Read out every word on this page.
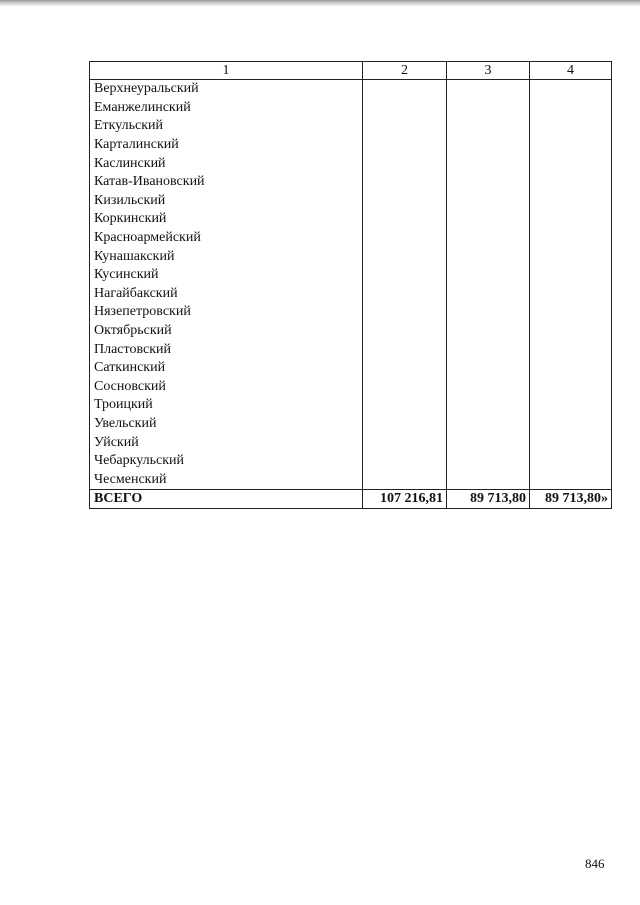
1	2	3	4
Верхнеуральский			
Еманжелинский			
Еткульский			
Карталинский			
Каслинский			
Катав-Ивановский			
Кизильский			
Коркинский			
Красноармейский			
Кунашакский			
Кусинский			
Нагайбакский			
Нязепетровский			
Октябрьский			
Пластовский			
Саткинский			
Сосновский			
Троицкий			
Увельский			
Уйский			
Чебаркульский			
Чесменский			
ВСЕГО	107 216,81	89 713,80	89 713,80»
846
